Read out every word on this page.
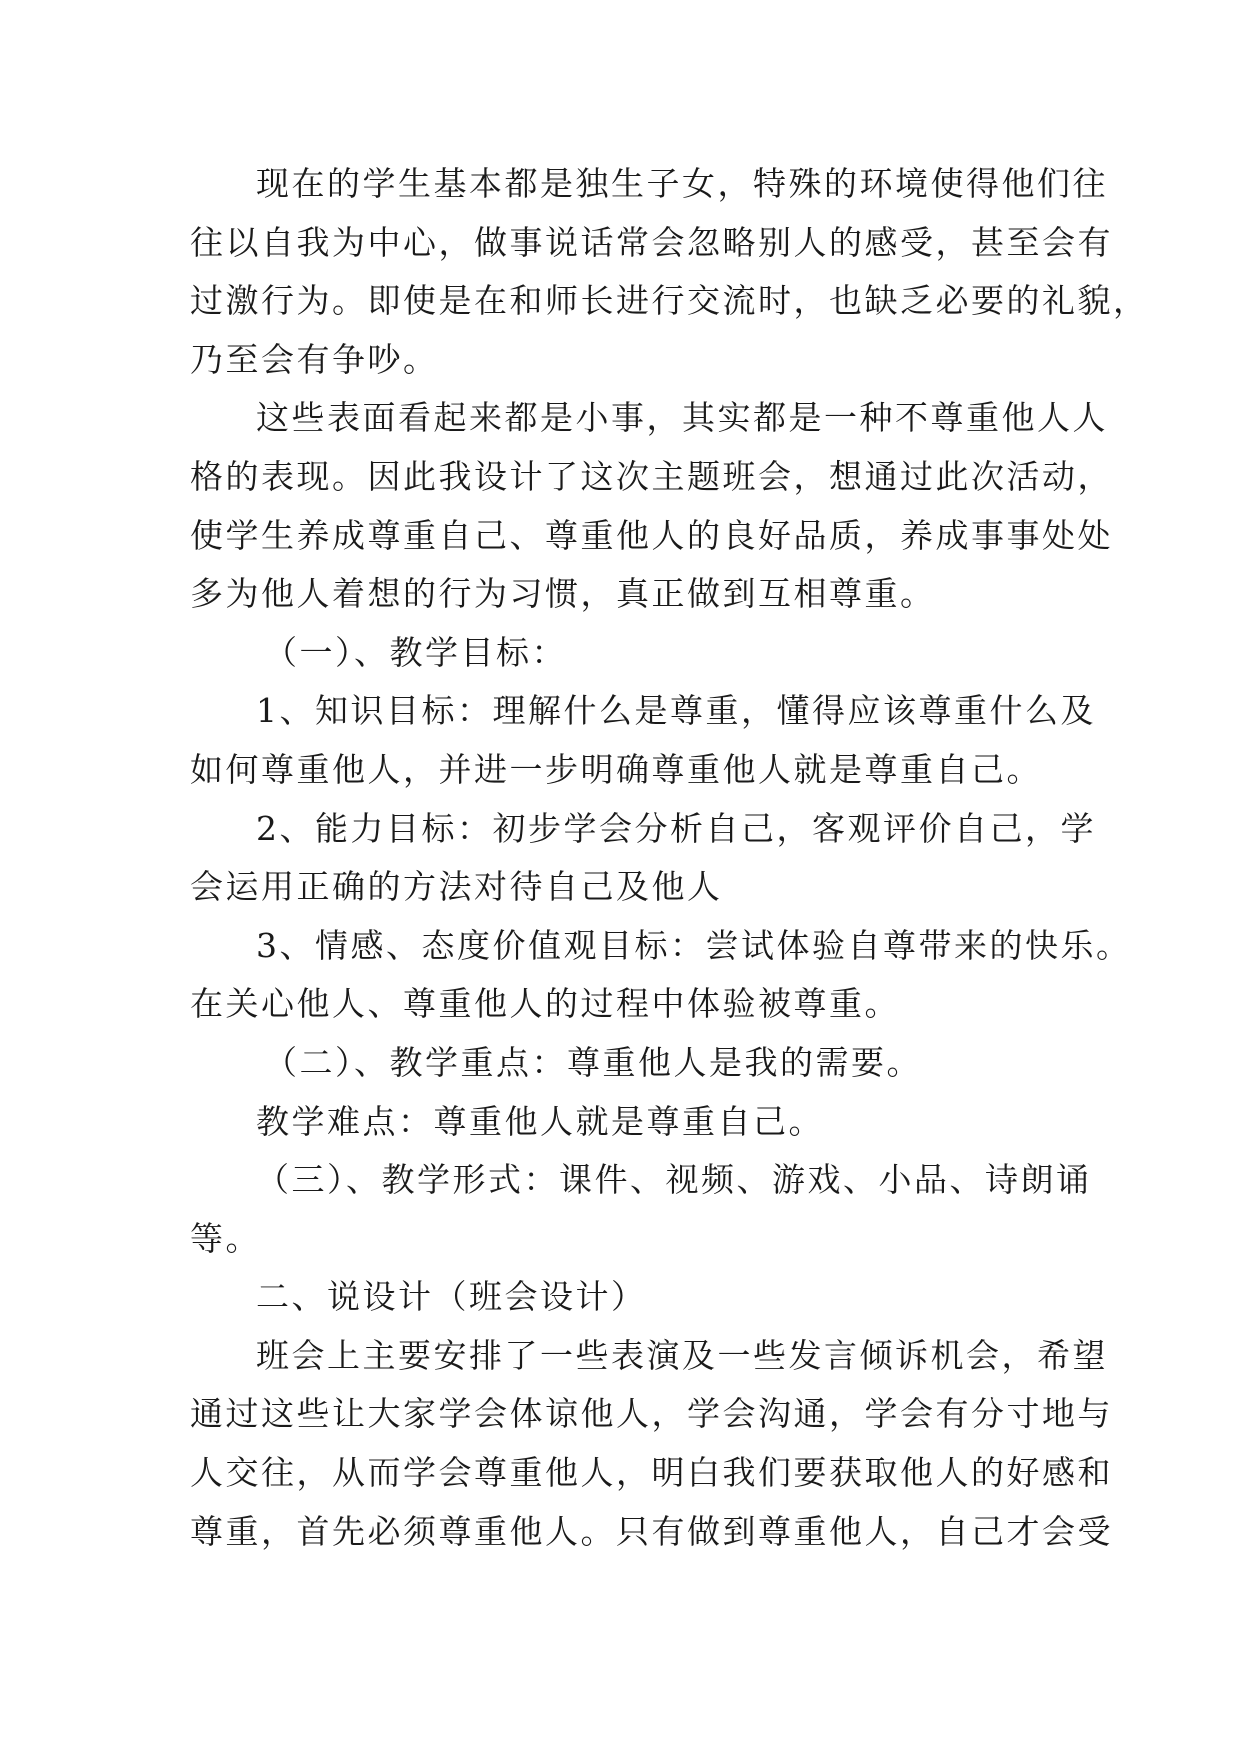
现在的学生基本都是独生子女，特殊的环境使得他们往
往以自我为中心，做事说话常会忽略别人的感受，甚至会有
过激行为。即使是在和师长进行交流时，也缺乏必要的礼貌，
乃至会有争吵。
这些表面看起来都是小事，其实都是一种不尊重他人人
格的表现。因此我设计了这次主题班会，想通过此次活动，
使学生养成尊重自己、尊重他人的良好品质，养成事事处处
多为他人着想的行为习惯，真正做到互相尊重。
（一）、教学目标：
1、知识目标：理解什么是尊重，懂得应该尊重什么及
如何尊重他人，并进一步明确尊重他人就是尊重自己。
2、能力目标：初步学会分析自己，客观评价自己，学
会运用正确的方法对待自己及他人
3、情感、态度价值观目标：尝试体验自尊带来的快乐。
在关心他人、尊重他人的过程中体验被尊重。
（二）、教学重点：尊重他人是我的需要。
教学难点：尊重他人就是尊重自己。
（三）、教学形式：课件、视频、游戏、小品、诗朗诵
等。
二、说设计（班会设计）
班会上主要安排了一些表演及一些发言倾诉机会，希望
通过这些让大家学会体谅他人，学会沟通，学会有分寸地与
人交往，从而学会尊重他人，明白我们要获取他人的好感和
尊重，首先必须尊重他人。只有做到尊重他人，自己才会受
